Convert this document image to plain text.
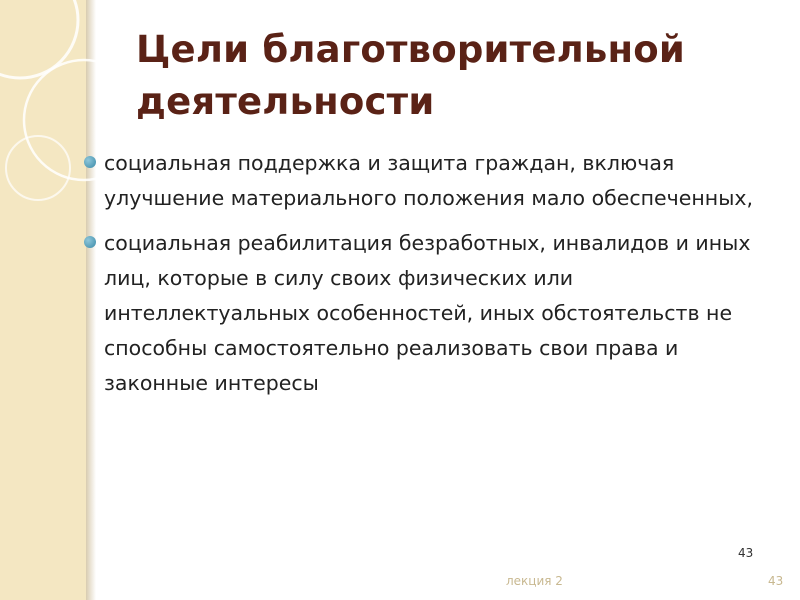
Цели благотворительной деятельности
социальная поддержка и защита граждан, включая улучшение материального положения мало обеспеченных,
социальная реабилитация безработных, инвалидов и иных лиц, которые в силу своих физических или интеллектуальных особенностей, иных обстоятельств не способны самостоятельно реализовать свои права и законные интересы
43
лекция 2	43
